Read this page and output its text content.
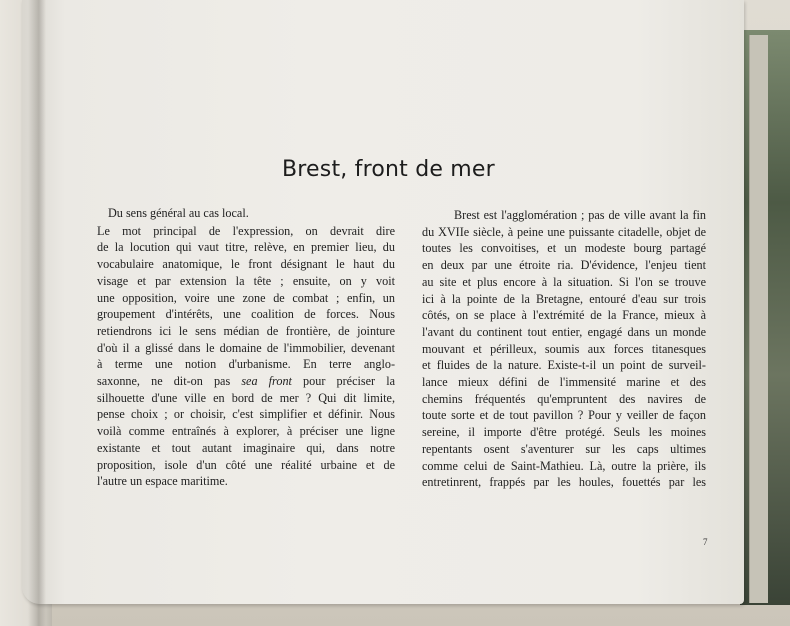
Brest, front de mer
Du sens général au cas local.
Le mot principal de l'expression, on devrait dire
de la locution qui vaut titre, relève, en premier lieu, du
vocabulaire anatomique, le front désignant le haut du
visage et par extension la tête ; ensuite, on y voit
une opposition, voire une zone de combat ; enfin, un
groupement d'intérêts, une coalition de forces. Nous
retiendrons ici le sens médian de frontière, de jointure
d'où il a glissé dans le domaine de l'immobilier, devenant
à terme une notion d'urbanisme. En terre anglo-
saxonne, ne dit-on pas sea front pour préciser la
silhouette d'une ville en bord de mer ? Qui dit limite,
pense choix ; or choisir, c'est simplifier et définir. Nous
voilà comme entraînés à explorer, à préciser une ligne
existante et tout autant imaginaire qui, dans notre
proposition, isole d'un côté une réalité urbaine et de
l'autre un espace maritime.
Brest est l'agglomération ; pas de ville avant la fin
du XVIIe siècle, à peine une puissante citadelle, objet de
toutes les convoitises, et un modeste bourg partagé
en deux par une étroite ria. D'évidence, l'enjeu tient
au site et plus encore à la situation. Si l'on se trouve
ici à la pointe de la Bretagne, entouré d'eau sur trois
côtés, on se place à l'extrémité de la France, mieux à
l'avant du continent tout entier, engagé dans un monde
mouvant et périlleux, soumis aux forces titanesques
et fluides de la nature. Existe-t-il un point de surveil-
lance mieux défini de l'immensité marine et des
chemins fréquentés qu'empruntent des navires de
toute sorte et de tout pavillon ? Pour y veiller de façon
sereine, il importe d'être protégé. Seuls les moines
repentants osent s'aventurer sur les caps ultimes
comme celui de Saint-Mathieu. Là, outre la prière, ils
entretinrent, frappés par les houles, fouettés par les
7
